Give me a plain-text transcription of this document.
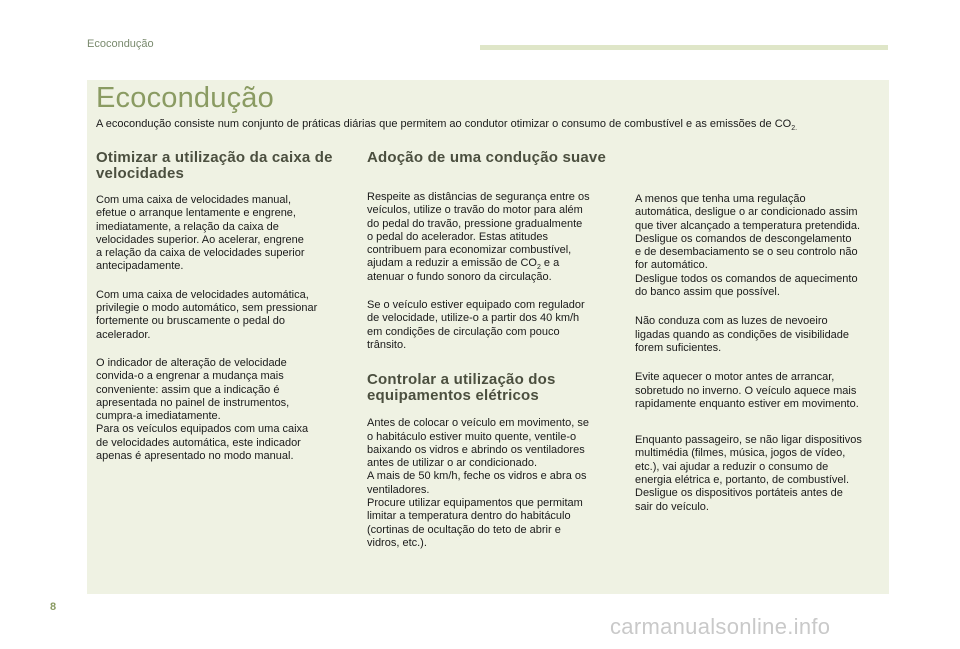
Ecocondução
Ecocondução
A ecocondução consiste num conjunto de práticas diárias que permitem ao condutor otimizar o consumo de combustível e as emissões de $CO_{2.}$
Otimizar a utilização da caixa de
velocidades

Com uma caixa de velocidades manual,
efetue o arranque lentamente e engrene,
imediatamente, a relação da caixa de
velocidades superior. Ao acelerar, engrene
a relação da caixa de velocidades superior
antecipadamente.

Com uma caixa de velocidades automática,
privilegie o modo automático, sem pressionar
fortemente ou bruscamente o pedal do
acelerador.

O indicador de alteração de velocidade
convida-o a engrenar a mudança mais
conveniente: assim que a indicação é
apresentada no painel de instrumentos,
cumpra-a imediatamente.
Para os veículos equipados com uma caixa
de velocidades automática, este indicador
apenas é apresentado no modo manual.

Adoção de uma condução suave

Respeite as distâncias de segurança entre os
veículos, utilize o travão do motor para além
do pedal do travão, pressione gradualmente
o pedal do acelerador. Estas atitudes
contribuem para economizar combustível,
ajudam a reduzir a emissão de $CO_2$ e a
atenuar o fundo sonoro da circulação.

Se o veículo estiver equipado com regulador
de velocidade, utilize-o a partir dos 40 km/h
em condições de circulação com pouco
trânsito.

Controlar a utilização dos
equipamentos elétricos

Antes de colocar o veículo em movimento, se
o habitáculo estiver muito quente, ventile-o
baixando os vidros e abrindo os ventiladores
antes de utilizar o ar condicionado.
A mais de 50 km/h, feche os vidros e abra os
ventiladores.
Procure utilizar equipamentos que permitam
limitar a temperatura dentro do habitáculo
(cortinas de ocultação do teto de abrir e
vidros, etc.).

A menos que tenha uma regulação
automática, desligue o ar condicionado assim
que tiver alcançado a temperatura pretendida.
Desligue os comandos de descongelamento
e de desembaciamento se o seu controlo não
for automático.
Desligue todos os comandos de aquecimento
do banco assim que possível.

Não conduza com as luzes de nevoeiro
ligadas quando as condições de visibilidade
forem suficientes.

Evite aquecer o motor antes de arrancar,
sobretudo no inverno. O veículo aquece mais
rapidamente enquanto estiver em movimento.

Enquanto passageiro, se não ligar dispositivos
multimédia (filmes, música, jogos de vídeo,
etc.), vai ajudar a reduzir o consumo de
energia elétrica e, portanto, de combustível.
Desligue os dispositivos portáteis antes de
sair do veículo.

8
carmanualsonline.info
